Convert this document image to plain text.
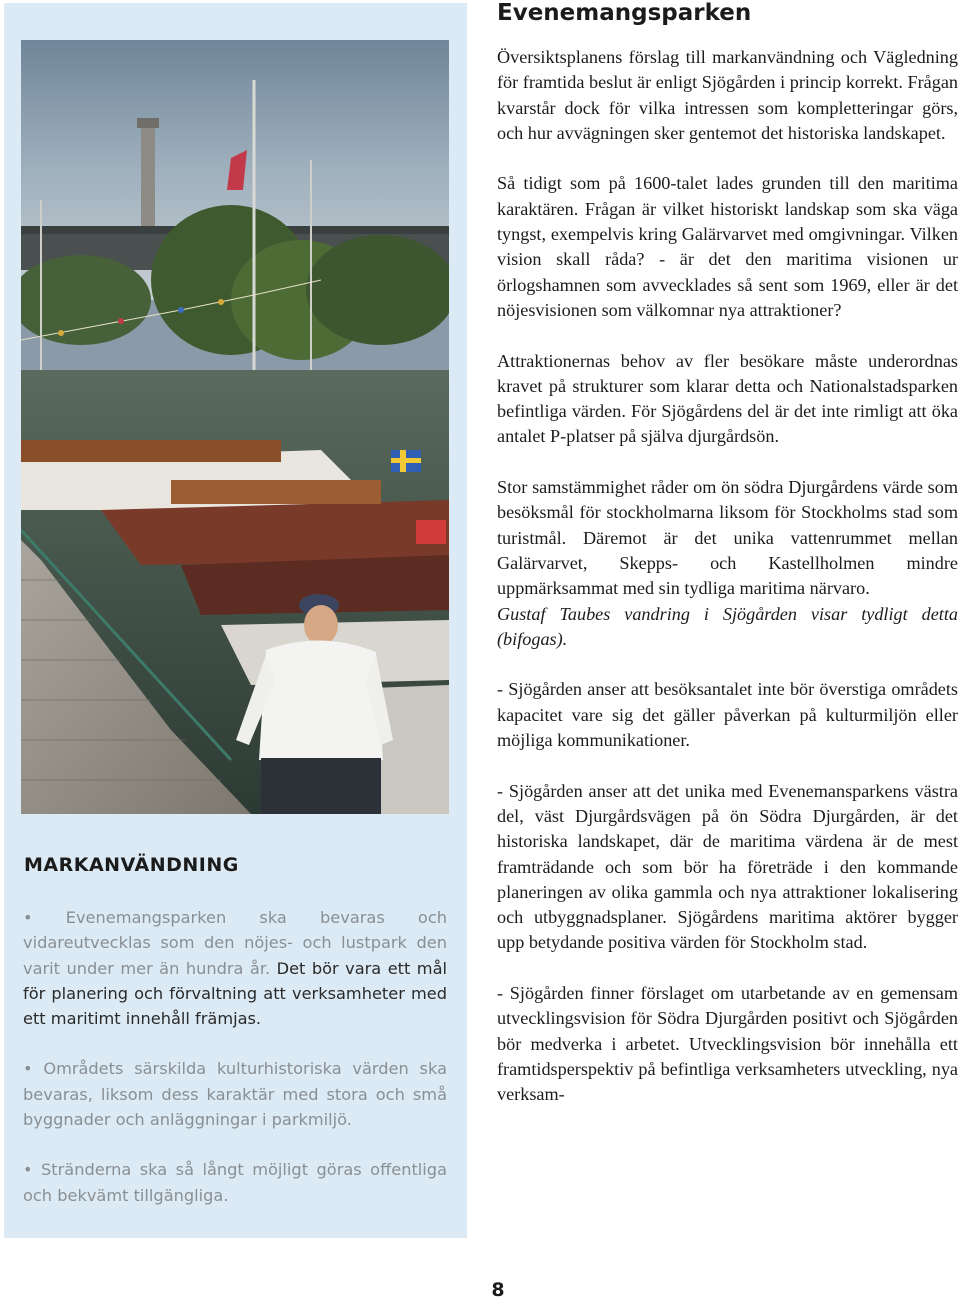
MARKANVÄNDNING

• Evenemangsparken ska bevaras och vidareutvecklas som den nöjes- och lustpark den varit under mer än hundra år. Det bör vara ett mål för planering och förvaltning att verksamheter med ett maritimt innehåll främjas.

• Områdets särskilda kulturhistoriska värden ska bevaras, liksom dess karaktär med stora och små byggnader och anläggningar i parkmiljö.

• Stränderna ska så långt möjligt göras offentliga och bekvämt tillgängliga.

Evenemangsparken

Översiktsplanens förslag till markanvändning och Vägledning för framtida beslut är enligt Sjögården i princip korrekt. Frågan kvarstår dock för vilka intressen som kompletteringar görs, och hur avvägningen sker gentemot det historiska landskapet.

Så tidigt som på 1600-talet lades grunden till den maritima karaktären. Frågan är vilket historiskt landskap som ska väga tyngst, exempelvis kring Galärvarvet med omgivningar. Vilken vision skall råda? - är det den maritima visionen ur örlogshamnen som avvecklades så sent som 1969, eller är det nöjesvisionen som välkomnar nya attraktioner?

Attraktionernas behov av fler besökare måste underordnas kravet på strukturer som klarar detta och Nationalstadsparken befintliga värden. För Sjögårdens del är det inte rimligt att öka antalet P-platser på själva djurgårdsön.

Stor samstämmighet råder om ön södra Djurgårdens värde som besöksmål för stockholmarna liksom för Stockholms stad som turistmål. Däremot är det unika vattenrummet mellan Galärvarvet, Skepps- och Kastellholmen mindre uppmärksammat med sin tydliga maritima närvaro.
Gustaf Taubes vandring i Sjögården visar tydligt detta (bifogas).

- Sjögården anser att besöksantalet inte bör överstiga områdets kapacitet vare sig det gäller påverkan på kulturmiljön eller möjliga kommunikationer.

- Sjögården anser att det unika med Evenemansparkens västra del, väst Djurgårdsvägen på ön Södra Djurgården, är det historiska landskapet, där de maritima värdena är de mest framträdande och som bör ha företräde i den kommande planeringen av olika gammla och nya attraktioner lokalisering och utbyggnadsplaner. Sjögårdens maritima aktörer bygger upp betydande positiva värden för Stockholm stad.

- Sjögården finner förslaget om utarbetande av en gemensam utvecklingsvision för Södra Djurgården positivt och Sjögården bör medverka i arbetet. Utvecklingsvision bör innehålla ett framtidsperspektiv på befintliga verksamheters utveckling, nya verksam-

8
